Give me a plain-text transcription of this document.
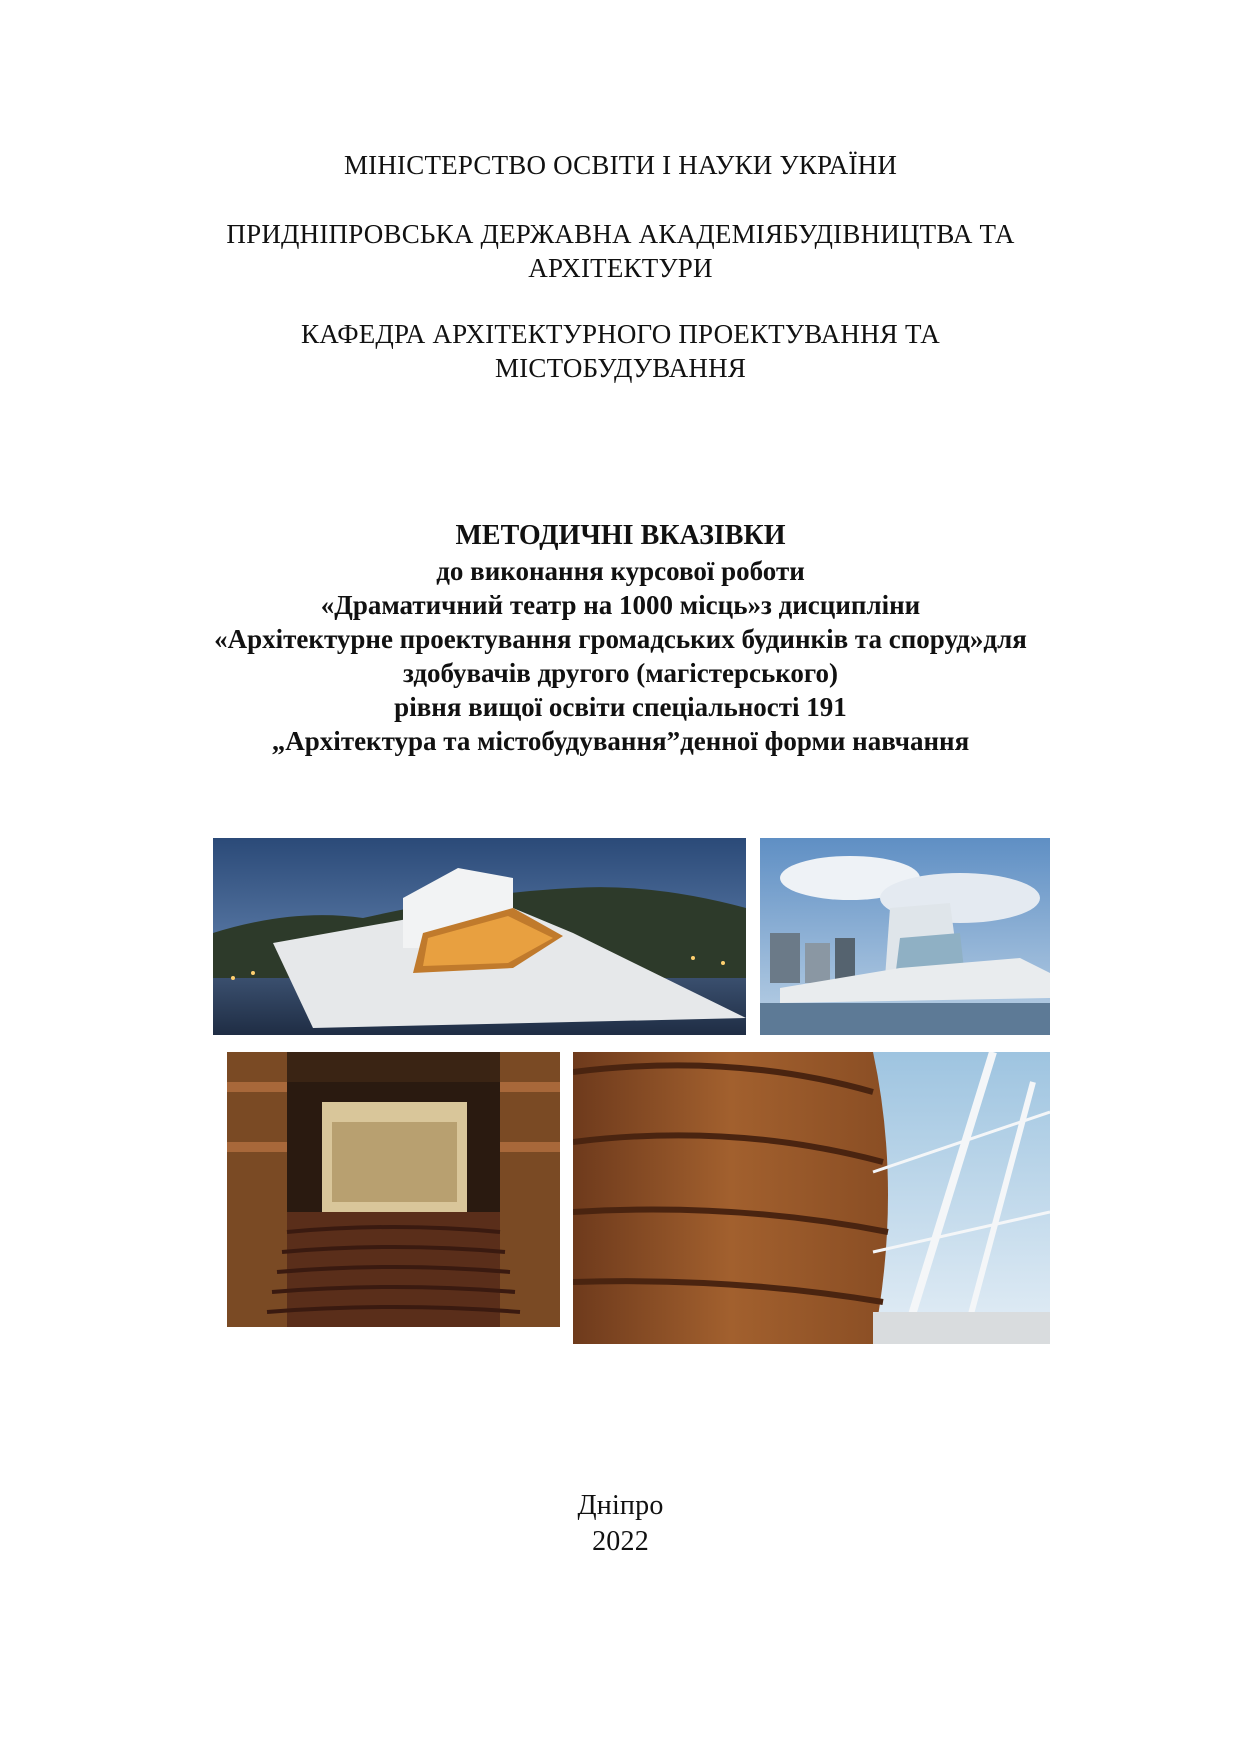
МІНІСТЕРСТВО ОСВІТИ І НАУКИ УКРАЇНИ
ПРИДНІПРОВСЬКА ДЕРЖАВНА АКАДЕМІЯБУДІВНИЦТВА ТА
АРХІТЕКТУРИ
КАФЕДРА АРХІТЕКТУРНОГО ПРОЕКТУВАННЯ ТА
МІСТОБУДУВАННЯ
МЕТОДИЧНІ ВКАЗІВКИ
до виконання курсової роботи
«Драматичний театр на 1000 місць»з дисципліни
«Архітектурне проектування громадських будинків та споруд»для
здобувачів другого (магістерського)
рівня вищої освіти спеціальності 191
„Архітектура та містобудування”денної форми навчання
Дніпро
2022
